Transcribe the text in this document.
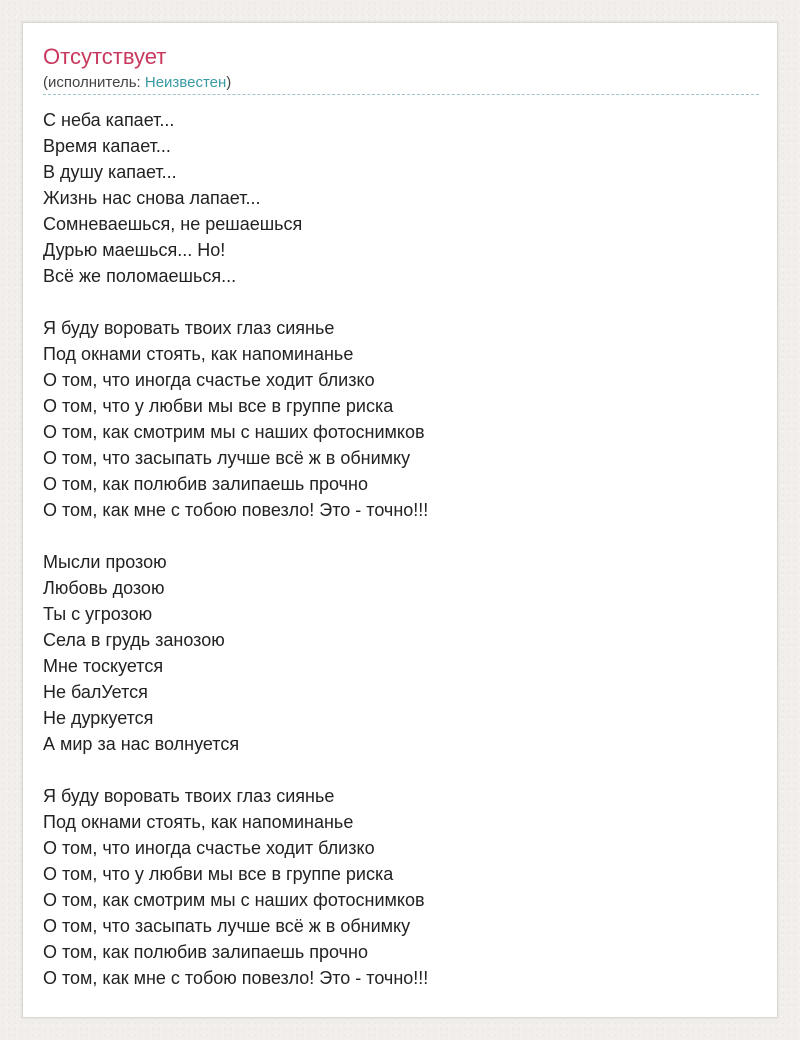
Отсутствует
(исполнитель: Неизвестен)
С неба капает...
Время капает...
В душу капает...
Жизнь нас снова лапает...
Сомневаешься, не решаешься
Дурью маешься... Но!
Всё же поломаешься...
Я буду воровать твоих глаз сиянье
Под окнами стоять, как напоминанье
О том, что иногда счастье ходит близко
О том, что у любви мы все в группе риска
О том, как смотрим мы с наших фотоснимков
О том, что засыпать лучше всё ж в обнимку
О том, как полюбив залипаешь прочно
О том, как мне с тобою повезло! Это - точно!!!
Мысли прозою
Любовь дозою
Ты с угрозою
Села в грудь занозою
Мне тоскуется
Не балУется
Не дуркуется
А мир за нас волнуется
Я буду воровать твоих глаз сиянье
Под окнами стоять, как напоминанье
О том, что иногда счастье ходит близко
О том, что у любви мы все в группе риска
О том, как смотрим мы с наших фотоснимков
О том, что засыпать лучше всё ж в обнимку
О том, как полюбив залипаешь прочно
О том, как мне с тобою повезло! Это - точно!!!
